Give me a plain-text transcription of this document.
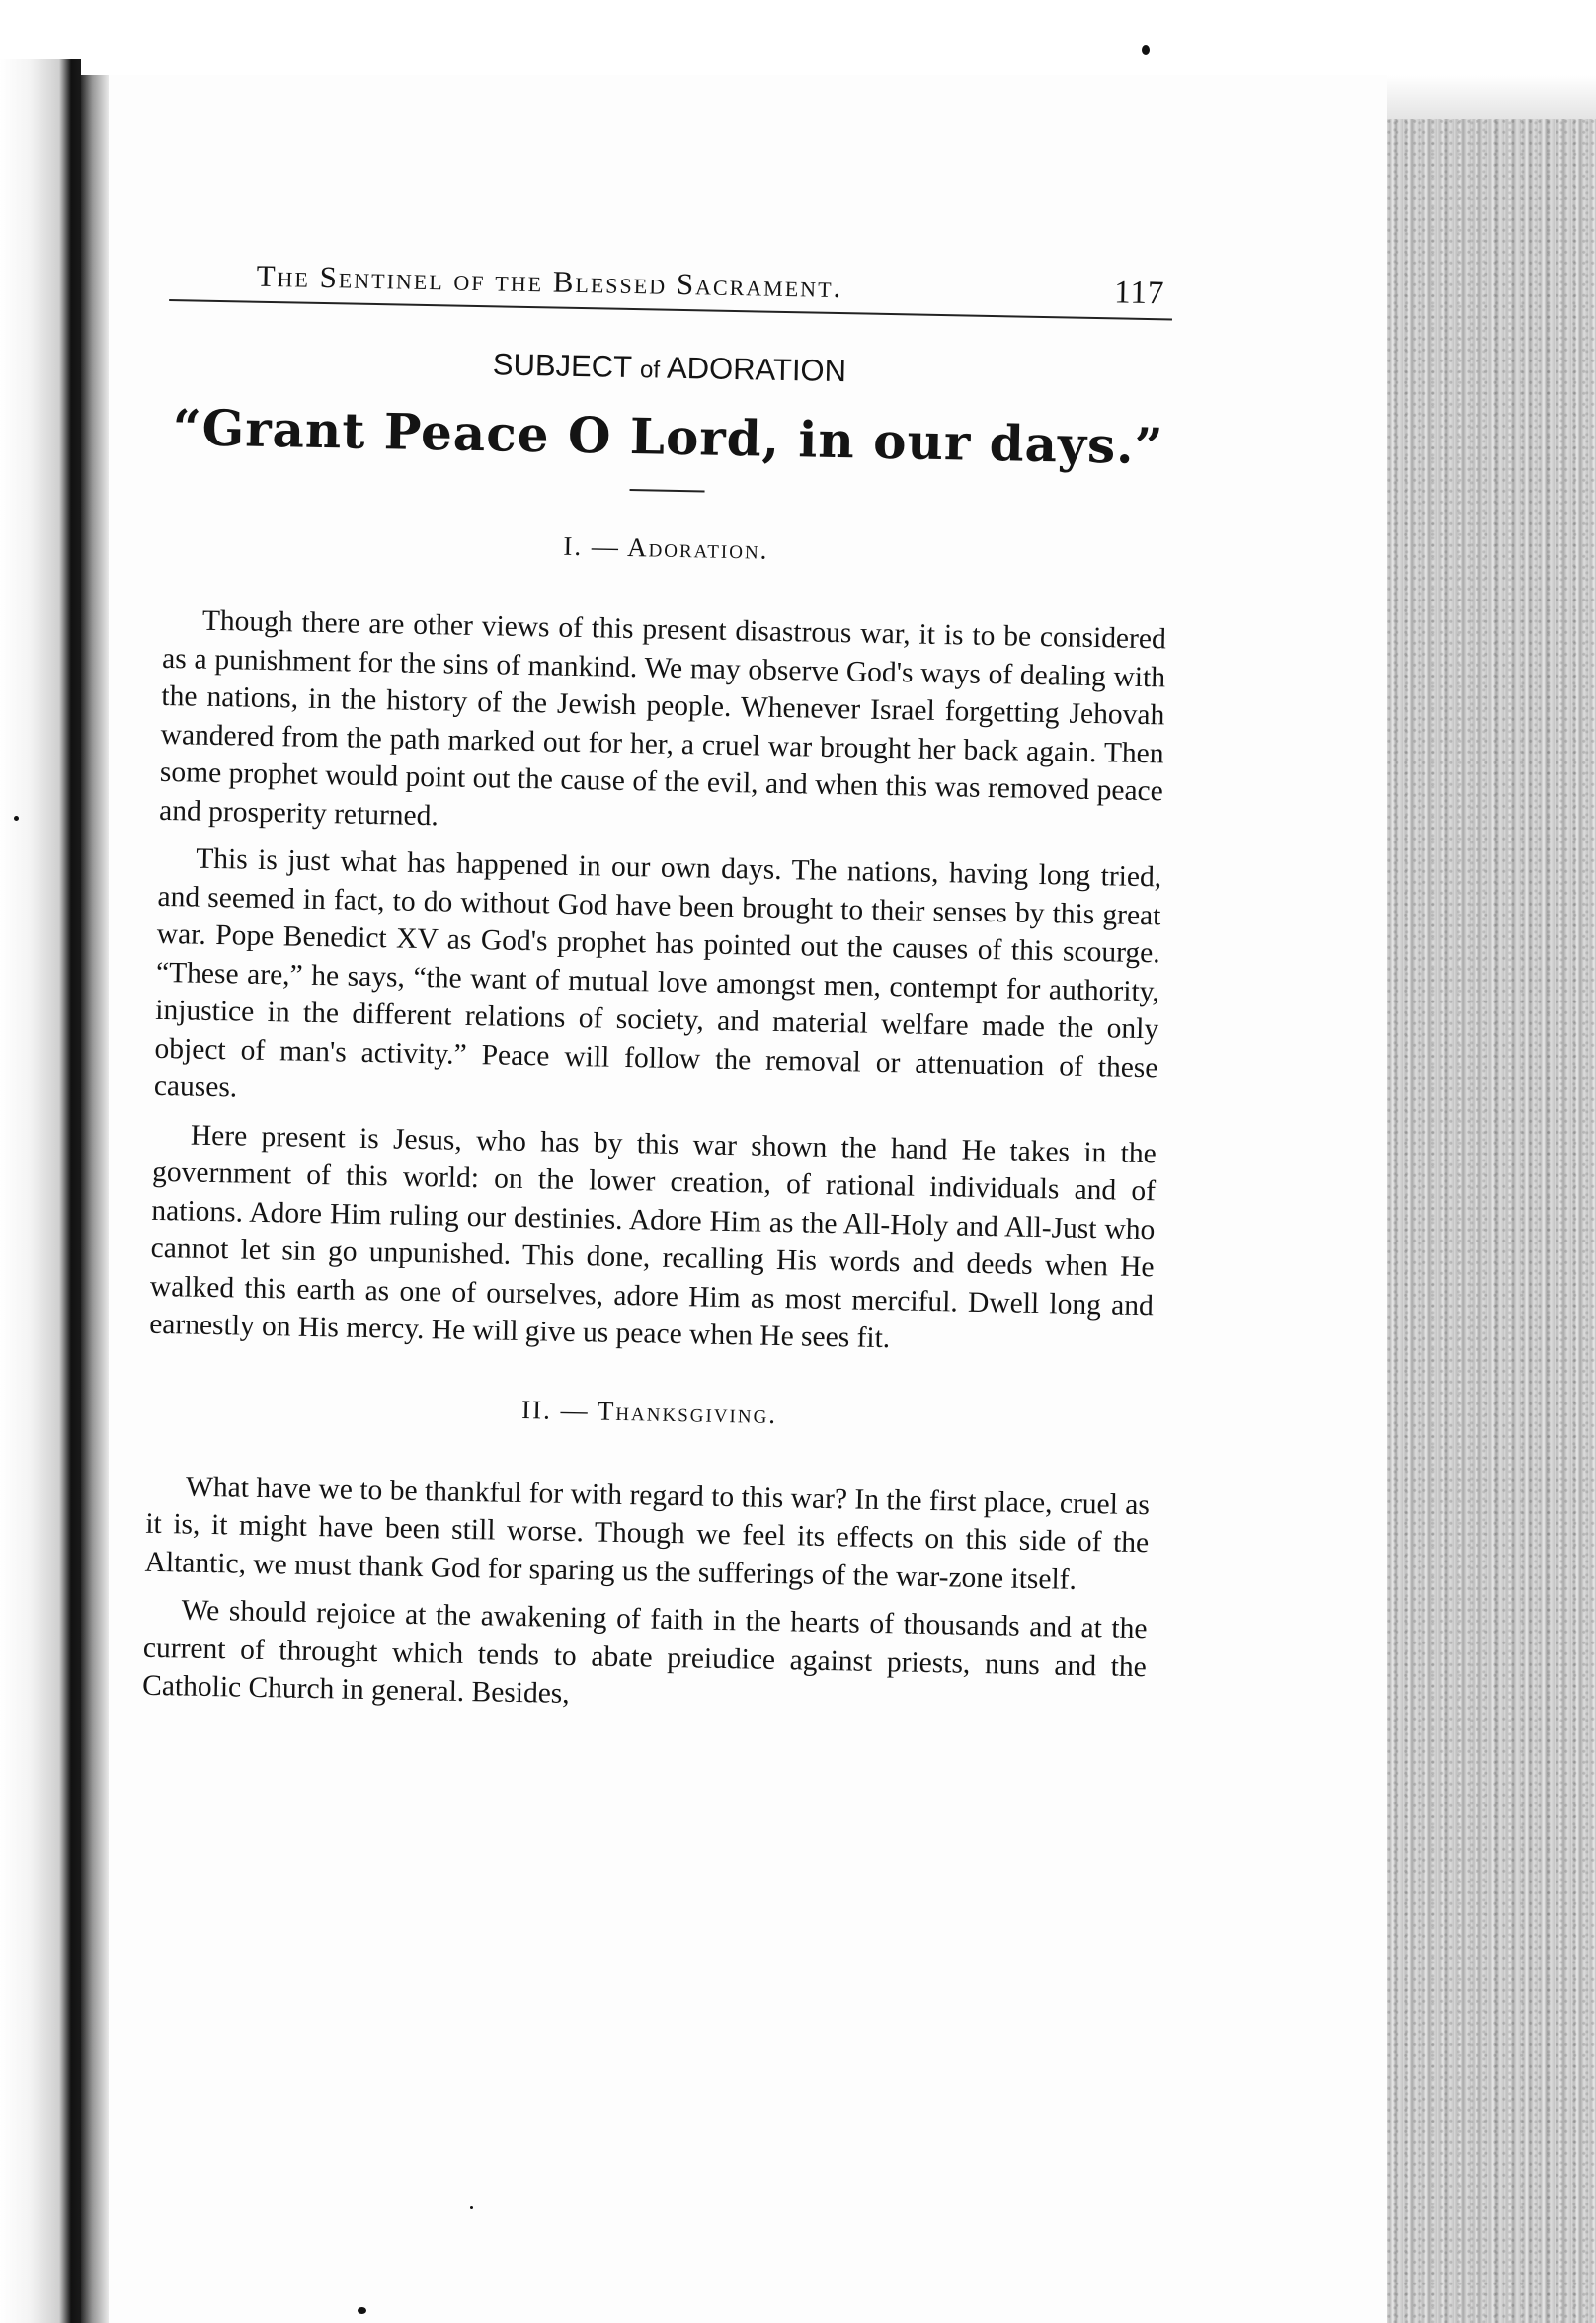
The Sentinel of the Blessed Sacrament.	117
SUBJECT of ADORATION
“Grant Peace O Lord, in our days.”
I. — Adoration.

Though there are other views of this present disastrous war, it is to be considered as a punishment for the sins of mankind. We may observe God's ways of dealing with the nations, in the history of the Jewish people. Whenever Israel forgetting Jehovah wandered from the path marked out for her, a cruel war brought her back again. Then some prophet would point out the cause of the evil, and when this was removed peace and prosperity returned.

This is just what has happened in our own days. The nations, having long tried, and seemed in fact, to do without God have been brought to their senses by this great war. Pope Benedict XV as God's prophet has pointed out the causes of this scourge. “These are,” he says, “the want of mutual love amongst men, contempt for authority, injustice in the different relations of society, and material welfare made the only object of man's activity.” Peace will follow the removal or attenuation of these causes.

Here present is Jesus, who has by this war shown the hand He takes in the government of this world: on the lower creation, of rational individuals and of nations. Adore Him ruling our destinies. Adore Him as the All-Holy and All-Just who cannot let sin go unpunished. This done, recalling His words and deeds when He walked this earth as one of ourselves, adore Him as most merciful. Dwell long and earnestly on His mercy. He will give us peace when He sees fit.

II. — Thanksgiving.

What have we to be thankful for with regard to this war? In the first place, cruel as it is, it might have been still worse. Though we feel its effects on this side of the Altantic, we must thank God for sparing us the sufferings of the war-zone itself.

We should rejoice at the awakening of faith in the hearts of thousands and at the current of throught which tends to abate preiudice against priests, nuns and the Catholic Church in general. Besides,
